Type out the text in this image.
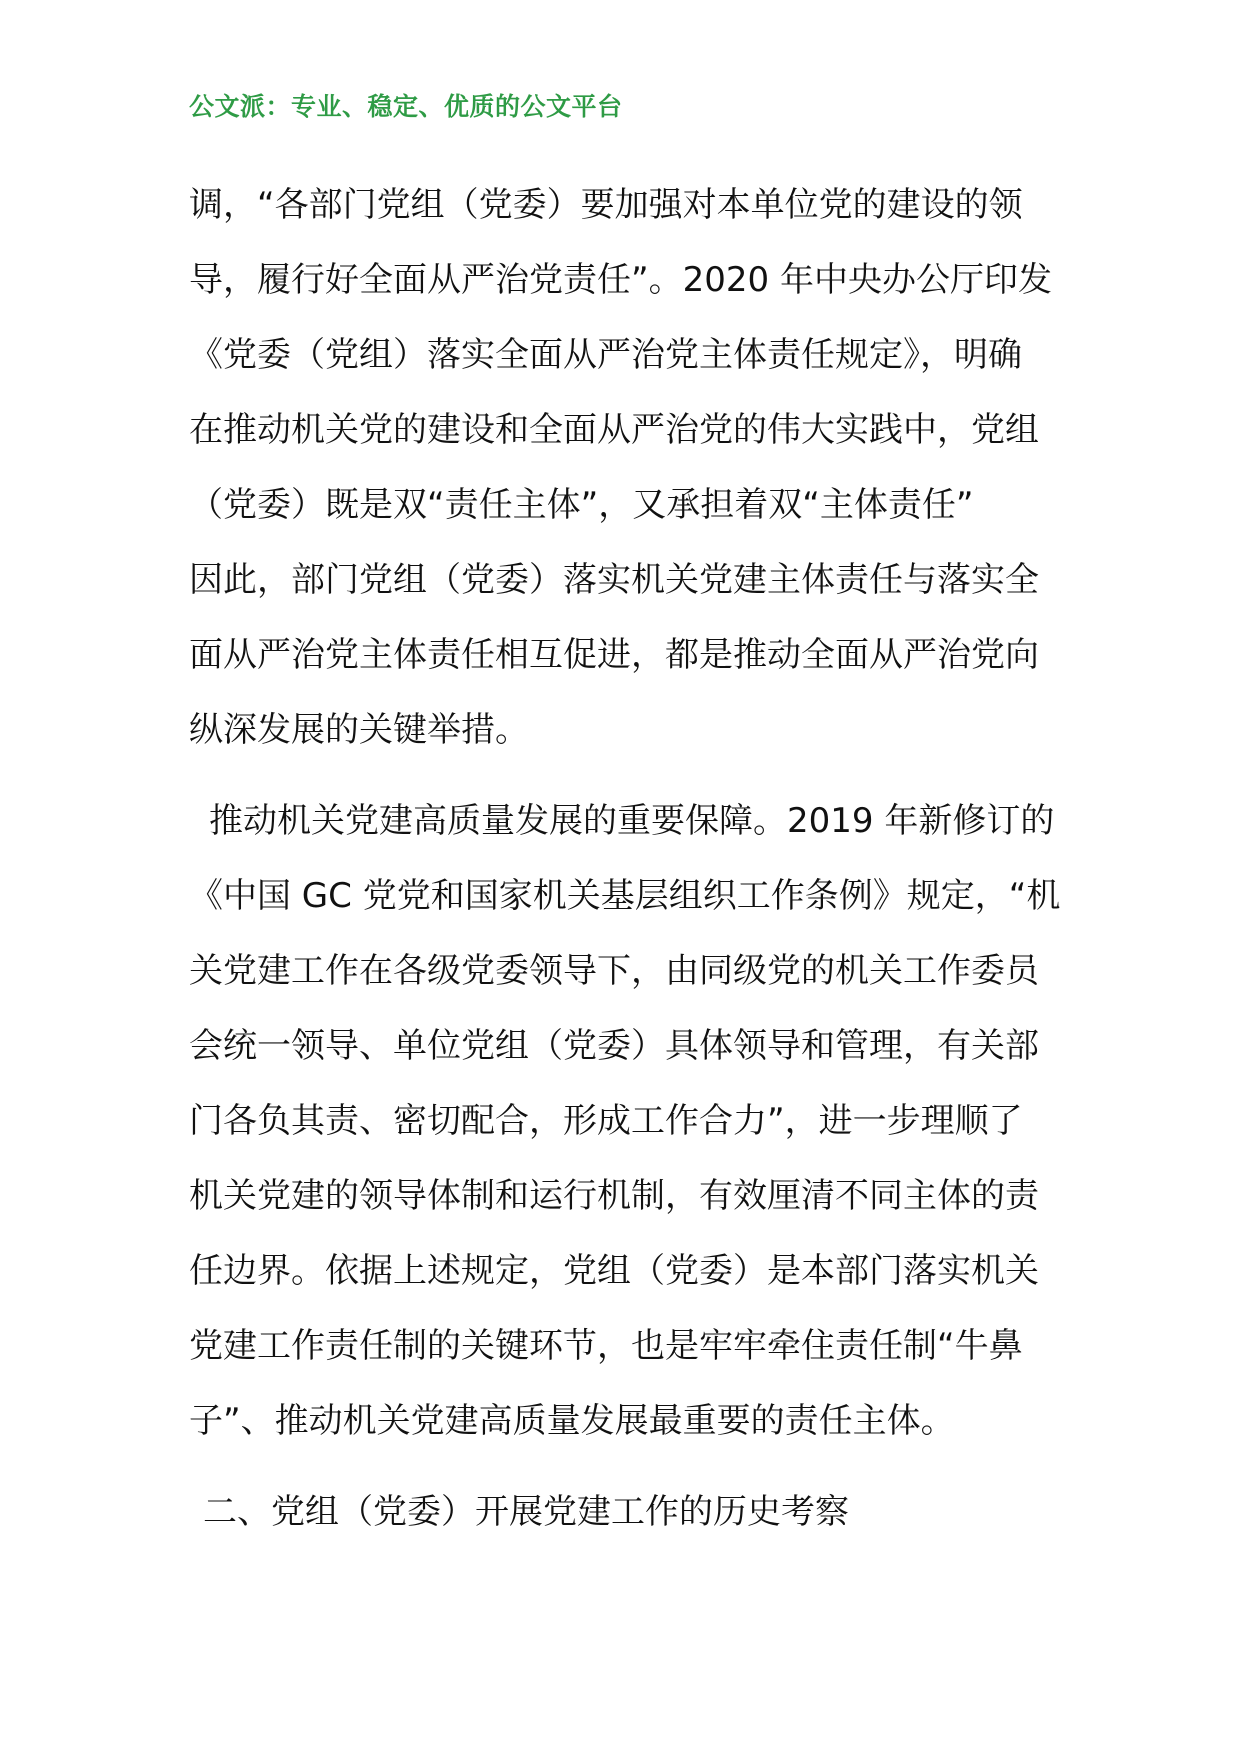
公文派：专业、稳定、优质的公文平台
调，“各部门党组（党委）要加强对本单位党的建设的领
导，履行好全面从严治党责任”。2020 年中央办公厅印发
《党委（党组）落实全面从严治党主体责任规定》，明确
在推动机关党的建设和全面从严治党的伟大实践中，党组
（党委）既是双“责任主体”，又承担着双“主体责任”
因此，部门党组（党委）落实机关党建主体责任与落实全
面从严治党主体责任相互促进，都是推动全面从严治党向
纵深发展的关键举措。
推动机关党建高质量发展的重要保障。2019 年新修订的
《中国 GC 党党和国家机关基层组织工作条例》规定，“机
关党建工作在各级党委领导下，由同级党的机关工作委员
会统一领导、单位党组（党委）具体领导和管理，有关部
门各负其责、密切配合，形成工作合力”，进一步理顺了
机关党建的领导体制和运行机制，有效厘清不同主体的责
任边界。依据上述规定，党组（党委）是本部门落实机关
党建工作责任制的关键环节，也是牢牢牵住责任制“牛鼻
子”、推动机关党建高质量发展最重要的责任主体。
二、党组（党委）开展党建工作的历史考察
